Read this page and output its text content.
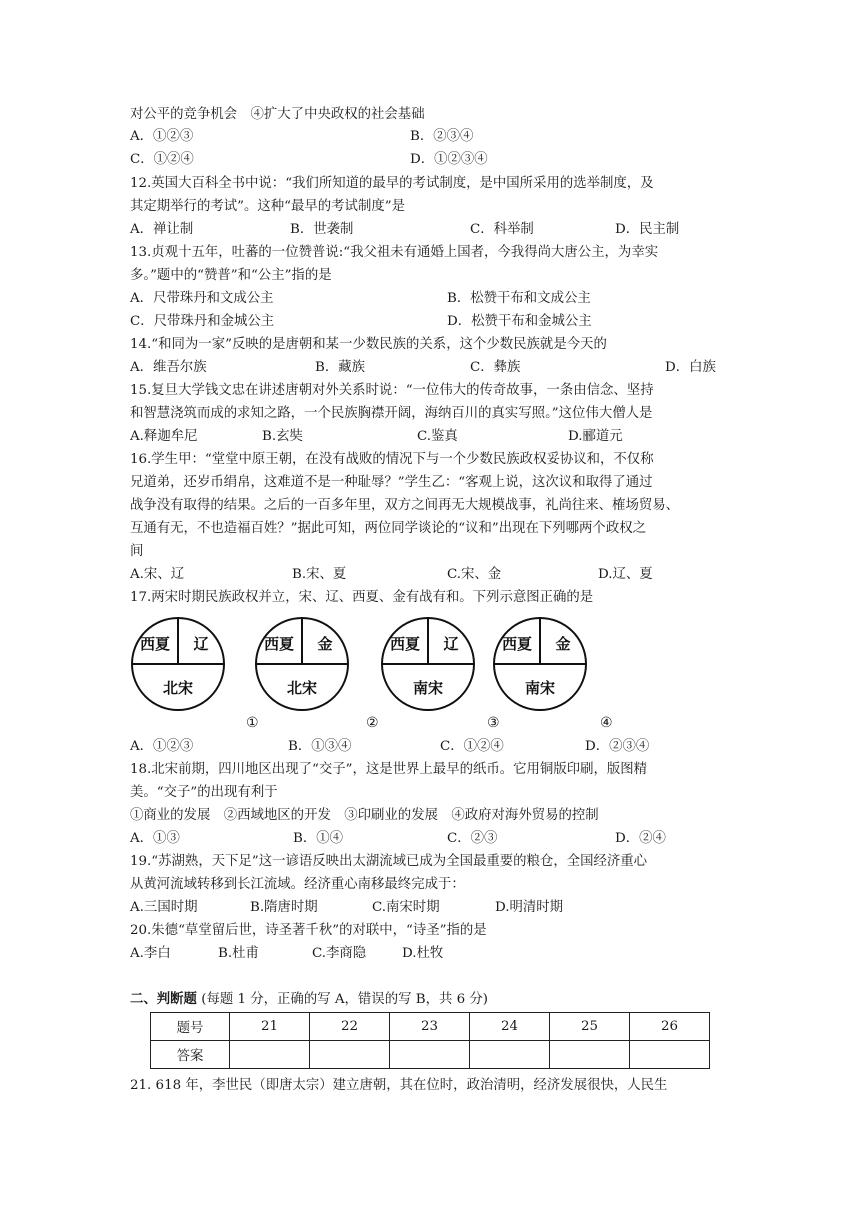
对公平的竞争机会　④扩大了中央政权的社会基础
A．①②③	B．②③④
C．①②④	D．①②③④
12.英国大百科全书中说：“我们所知道的最早的考试制度，是中国所采用的选举制度，及
其定期举行的考试”。这种“最早的考试制度”是
A．禅让制	B．世袭制	C．科举制	D．民主制
13.贞观十五年，吐蕃的一位赞普说:“我父祖未有通婚上国者，今我得尚大唐公主，为幸实
多。”题中的“赞普”和“公主”指的是
A．尺带珠丹和文成公主	B．松赞干布和文成公主
C．尺带珠丹和金城公主	D．松赞干布和金城公主
14.“和同为一家”反映的是唐朝和某一少数民族的关系，这个少数民族就是今天的
A．维吾尔族	B．藏族	C．彝族	D．白族
15.复旦大学钱文忠在讲述唐朝对外关系时说：“一位伟大的传奇故事，一条由信念、坚持
和智慧浇筑而成的求知之路，一个民族胸襟开阔，海纳百川的真实写照。”这位伟大僧人是
A.释迦牟尼	B.玄奘	C.鉴真	D.郦道元
16.学生甲：“堂堂中原王朝，在没有战败的情况下与一个少数民族政权妥协议和，不仅称
兄道弟，还岁币绢帛，这难道不是一种耻辱？”学生乙：“客观上说，这次议和取得了通过
战争没有取得的结果。之后的一百多年里，双方之间再无大规模战事，礼尚往来、榷场贸易、
互通有无，不也造福百姓？”据此可知，两位同学谈论的“议和”出现在下列哪两个政权之
间
A.宋、辽	B.宋、夏	C.宋、金	D.辽、夏
17.两宋时期民族政权并立，宋、辽、西夏、金有战有和。下列示意图正确的是
西夏 辽
北宋
西夏 金
北宋
西夏 辽
南宋
西夏 金
南宋
①	②	③	④
A．①②③	B．①③④	C．①②④	D．②③④
18.北宋前期，四川地区出现了“交子”，这是世界上最早的纸币。它用铜版印刷，版图精
美。“交子”的出现有利于
①商业的发展　②西域地区的开发　③印刷业的发展　④政府对海外贸易的控制
A．①③	B．①④	C．②③	D．②④
19.“苏湖熟，天下足”这一谚语反映出太湖流域已成为全国最重要的粮仓，全国经济重心
从黄河流域转移到长江流域。经济重心南移最终完成于：
A.三国时期	B.隋唐时期	C.南宋时期	D.明清时期
20.朱德“草堂留后世，诗圣著千秋”的对联中，“诗圣”指的是
A.李白	B.杜甫	C.李商隐	D.杜牧
二、判断题 (每题 1 分，正确的写 A，错误的写 B，共 6 分)
题号	21	22	23	24	25	26
答案						
21. 618 年，李世民（即唐太宗）建立唐朝，其在位时，政治清明，经济发展很快，人民生
